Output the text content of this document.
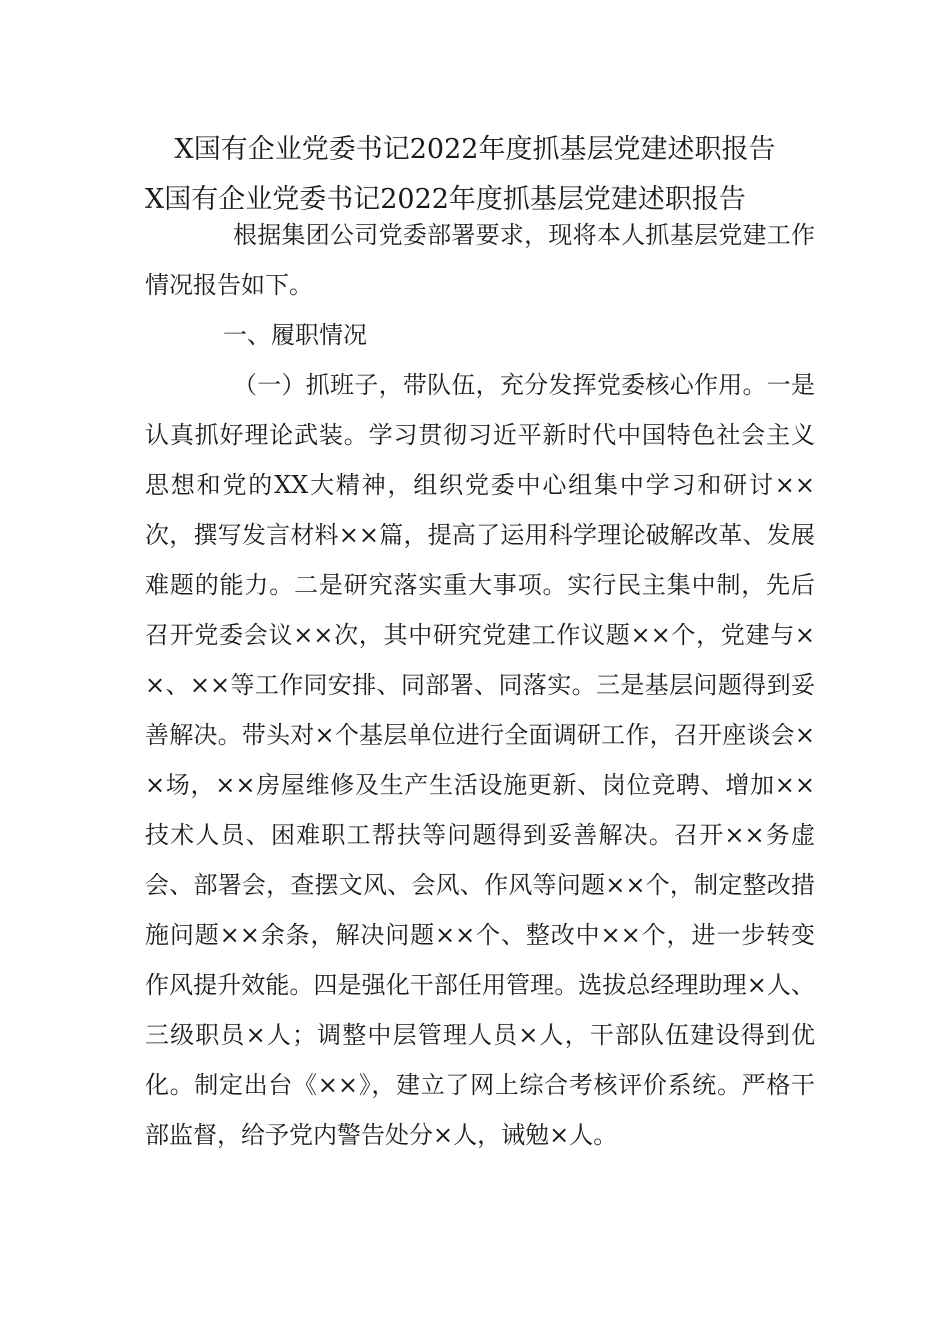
X国有企业党委书记2022年度抓基层党建述职报告
X国有企业党委书记2022年度抓基层党建述职报告

根据集团公司党委部署要求，现将本人抓基层党建工作情况报告如下。

一、履职情况

（一）抓班子，带队伍，充分发挥党委核心作用。一是认真抓好理论武装。学习贯彻习近平新时代中国特色社会主义思想和党的XX大精神，组织党委中心组集中学习和研讨××次，撰写发言材料××篇，提高了运用科学理论破解改革、发展难题的能力。二是研究落实重大事项。实行民主集中制，先后召开党委会议××次，其中研究党建工作议题××个，党建与××、××等工作同安排、同部署、同落实。三是基层问题得到妥善解决。带头对×个基层单位进行全面调研工作，召开座谈会××场，××房屋维修及生产生活设施更新、岗位竞聘、增加××技术人员、困难职工帮扶等问题得到妥善解决。召开××务虚会、部署会，查摆文风、会风、作风等问题××个，制定整改措施问题××余条，解决问题××个、整改中××个，进一步转变作风提升效能。四是强化干部任用管理。选拔总经理助理×人、三级职员×人；调整中层管理人员×人，干部队伍建设得到优化。制定出台《××》，建立了网上综合考核评价系统。严格干部监督，给予党内警告处分×人，诫勉×人。
